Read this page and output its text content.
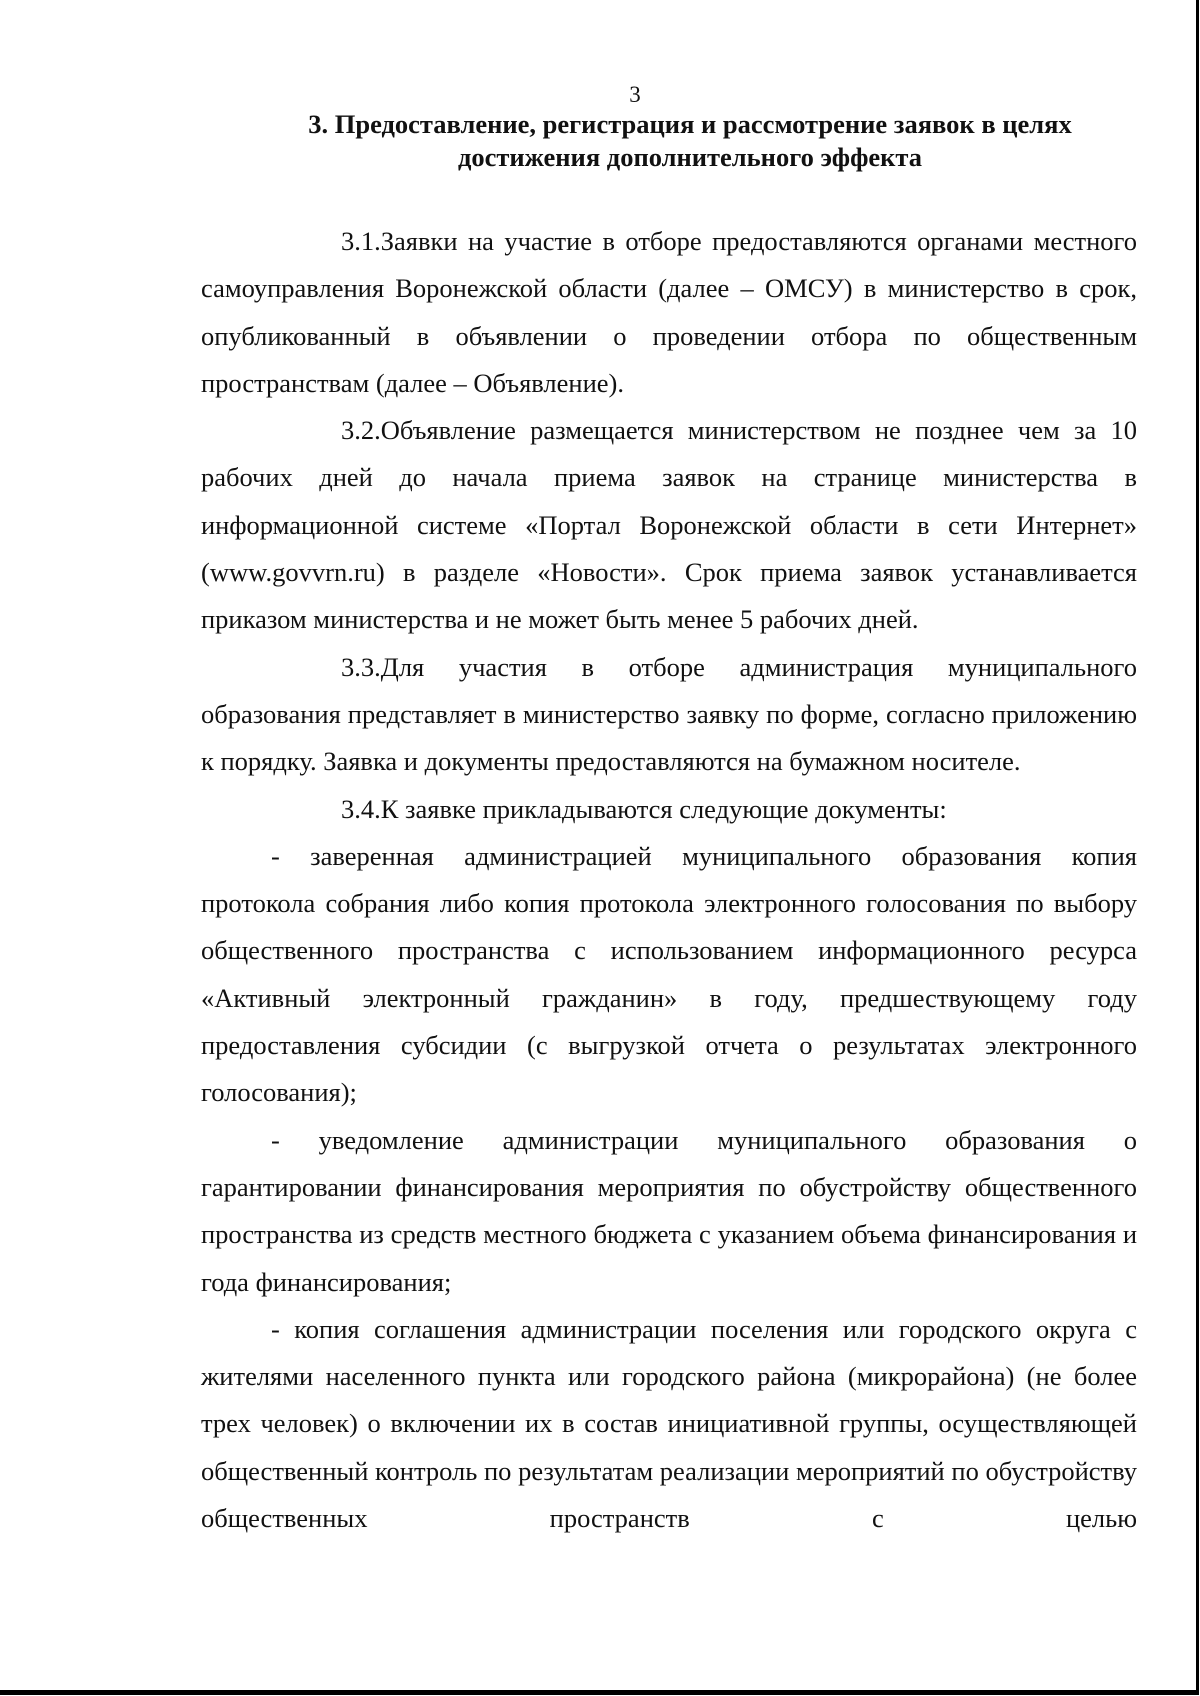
3
3. Предоставление, регистрация и рассмотрение заявок в целях
достижения дополнительного эффекта

3.1.Заявки на участие в отборе предоставляются органами местного самоуправления Воронежской области (далее – ОМСУ) в министерство в срок, опубликованный в объявлении о проведении отбора по общественным пространствам (далее – Объявление).

3.2.Объявление размещается министерством не позднее чем за 10 рабочих дней до начала приема заявок на странице министерства в информационной системе «Портал Воронежской области в сети Интернет» (www.govvrn.ru) в разделе «Новости». Срок приема заявок устанавливается приказом министерства и не может быть менее 5 рабочих дней.

3.3.Для участия в отборе администрация муниципального образования представляет в министерство заявку по форме, согласно приложению к порядку. Заявка и документы предоставляются на бумажном носителе.

3.4.К заявке прикладываются следующие документы:

- заверенная администрацией муниципального образования копия протокола собрания либо копия протокола электронного голосования по выбору общественного пространства с использованием информационного ресурса «Активный электронный гражданин» в году, предшествующему году предоставления субсидии (с выгрузкой отчета о результатах электронного голосования);

- уведомление администрации муниципального образования о гарантировании финансирования мероприятия по обустройству общественного пространства из средств местного бюджета с указанием объема финансирования и года финансирования;

- копия соглашения администрации поселения или городского округа с жителями населенного пункта или городского района (микрорайона) (не более трех человек) о включении их в состав инициативной группы, осуществляющей общественный контроль по результатам реализации мероприятий по обустройству общественных пространств с целью
